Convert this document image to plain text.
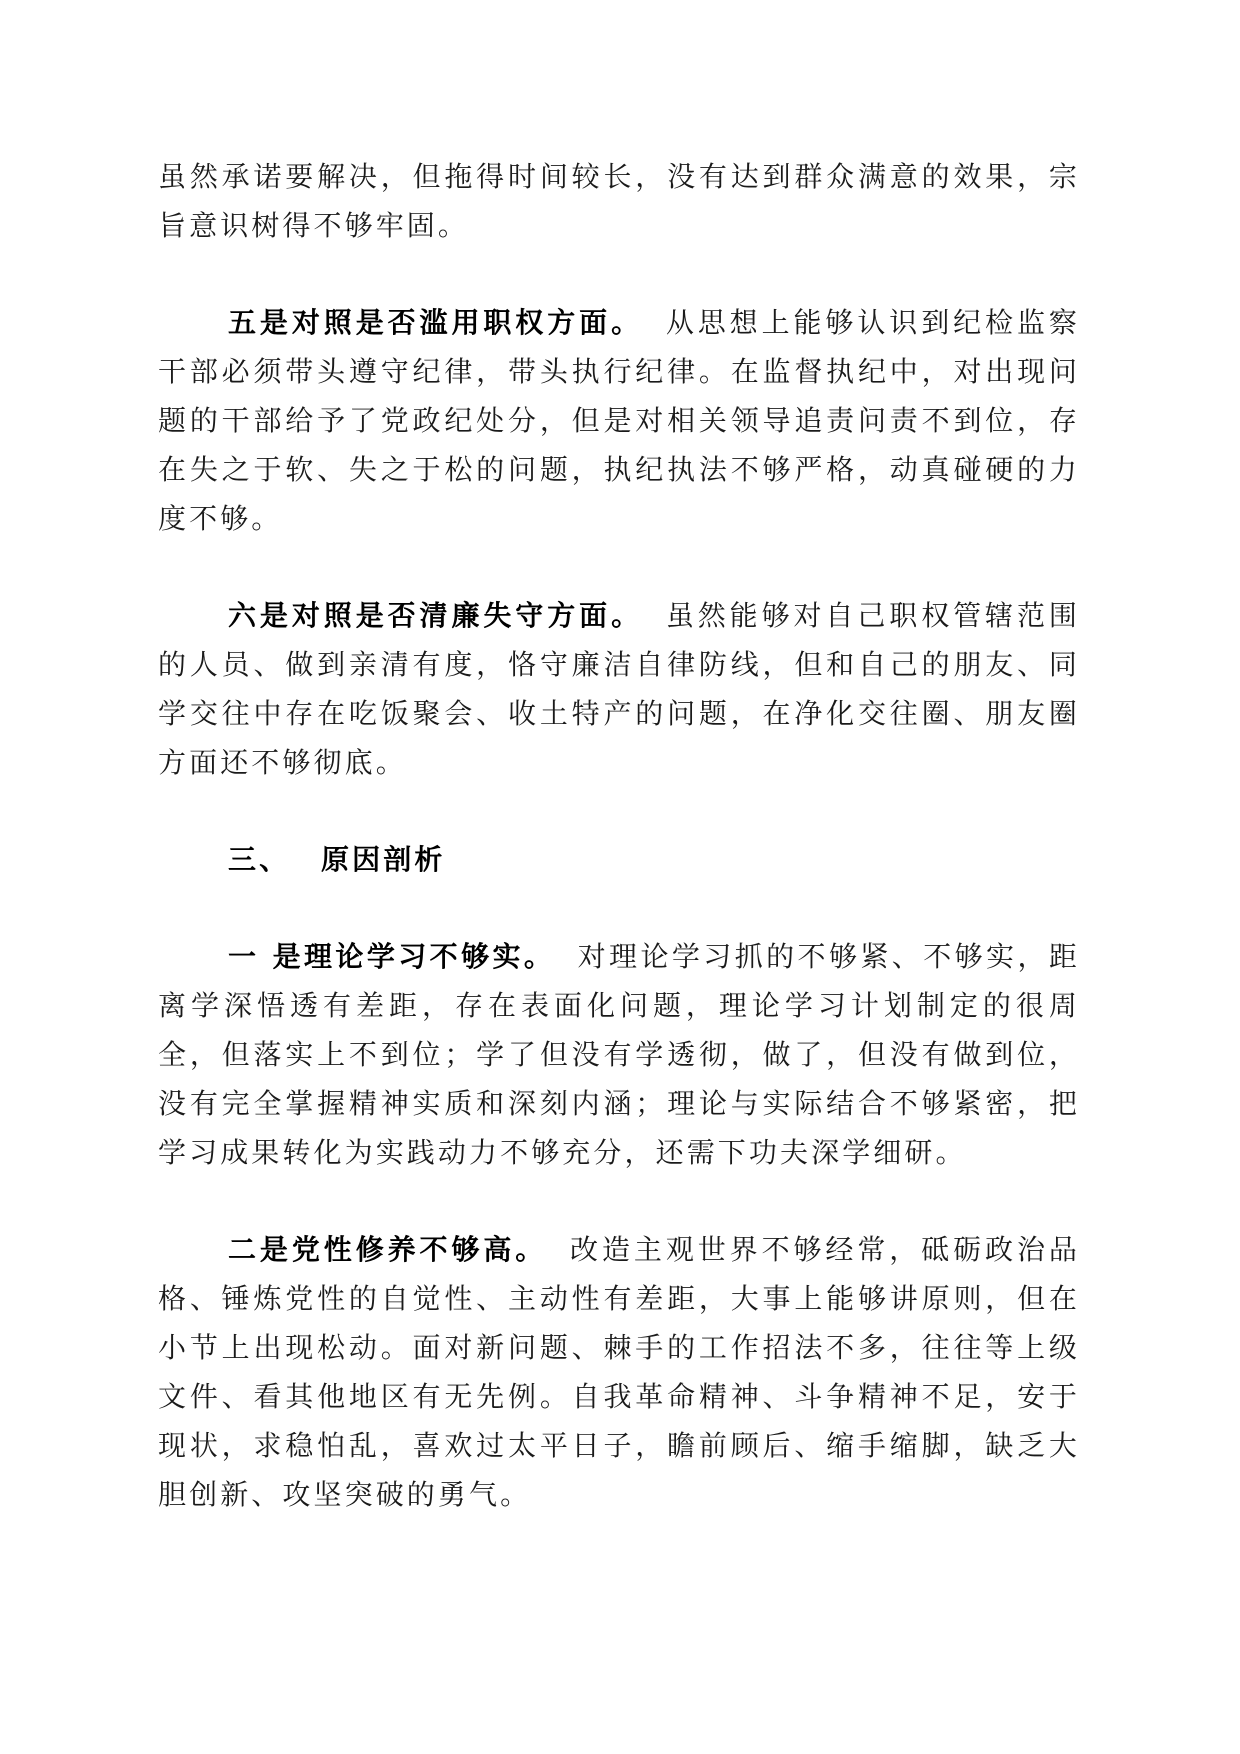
虽然承诺要解决，但拖得时间较长，没有达到群众满意的效果，宗旨意识树得不够牢固。

五是对照是否滥用职权方面。 从思想上能够认识到纪检监察干部必须带头遵守纪律，带头执行纪律。在监督执纪中，对出现问题的干部给予了党政纪处分，但是对相关领导追责问责不到位，存在失之于软、失之于松的问题，执纪执法不够严格，动真碰硬的力度不够。

六是对照是否清廉失守方面。 虽然能够对自己职权管辖范围的人员、做到亲清有度，恪守廉洁自律防线，但和自己的朋友、同学交往中存在吃饭聚会、收土特产的问题，在净化交往圈、朋友圈方面还不够彻底。

三、 原因剖析

一 是理论学习不够实。 对理论学习抓的不够紧、不够实，距离学深悟透有差距，存在表面化问题，理论学习计划制定的很周全，但落实上不到位；学了但没有学透彻，做了，但没有做到位，没有完全掌握精神实质和深刻内涵；理论与实际结合不够紧密，把学习成果转化为实践动力不够充分，还需下功夫深学细研。

二是党性修养不够高。 改造主观世界不够经常，砥砺政治品格、锤炼党性的自觉性、主动性有差距，大事上能够讲原则，但在小节上出现松动。面对新问题、棘手的工作招法不多，往往等上级文件、看其他地区有无先例。自我革命精神、斗争精神不足，安于现状，求稳怕乱，喜欢过太平日子，瞻前顾后、缩手缩脚，缺乏大胆创新、攻坚突破的勇气。
